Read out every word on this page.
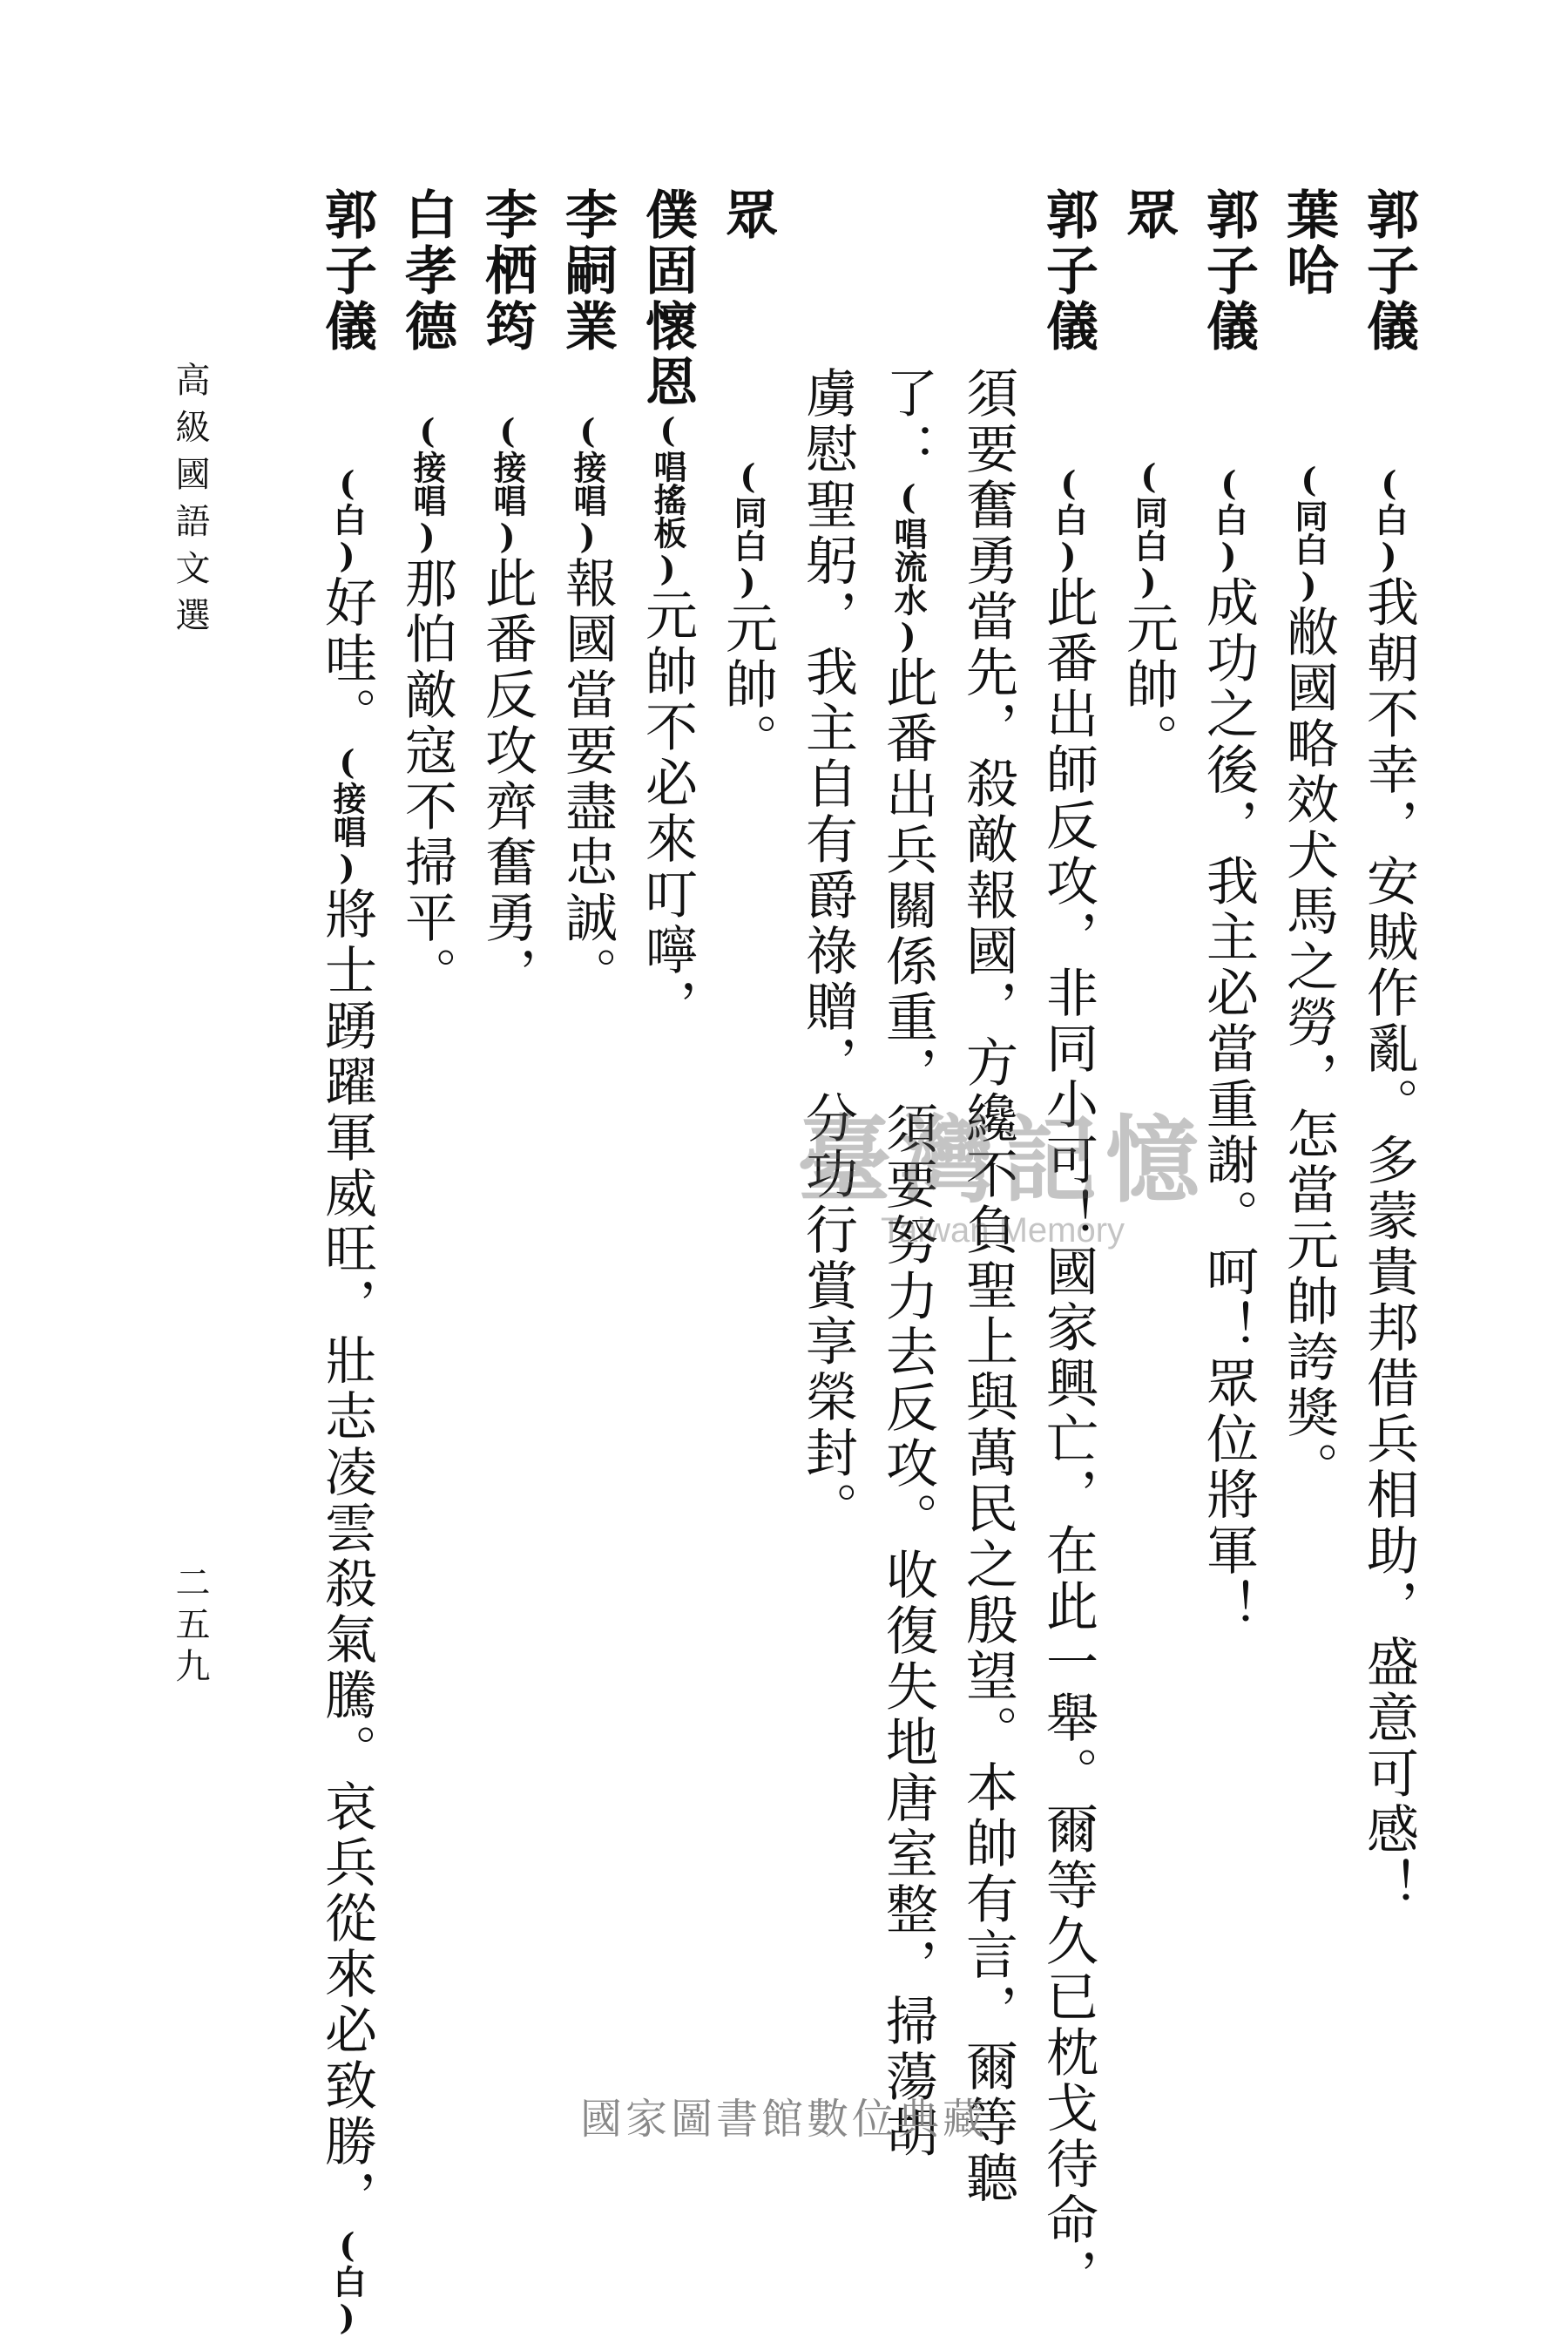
郭子儀(白)我朝不幸，安賊作亂。多蒙貴邦借兵相助，盛意可感！
葉哈(同白)敝國略效犬馬之勞，怎當元帥誇獎。
郭子儀(白)成功之後，我主必當重謝。呵！眾位將軍！
眾(同白)元帥。
郭子儀(白)此番出師反攻，非同小可！國家興亡，在此一舉。爾等久已枕戈待命，
須要奮勇當先，殺敵報國，方纔不負聖上與萬民之殷望。本帥有言，爾等聽
了：(唱流水)此番出兵關係重，須要努力去反攻。收復失地唐室整，掃蕩胡
虜慰聖躬，我主自有爵祿贈，分功行賞享榮封。
眾(同白)元帥。
僕固懷恩(唱搖板)元帥不必來叮嚀，
李嗣業(接唱)報國當要盡忠誠。
李栖筠(接唱)此番反攻齊奮勇，
白孝德(接唱)那怕敵寇不掃平。
郭子儀(白)好哇。(接唱)將士踴躍軍威旺，壯志凌雲殺氣騰。哀兵從來必致勝，(白)
高級國語文選
二五九
臺灣記憶
Taiwan Memory
國家圖書館數位典藏
